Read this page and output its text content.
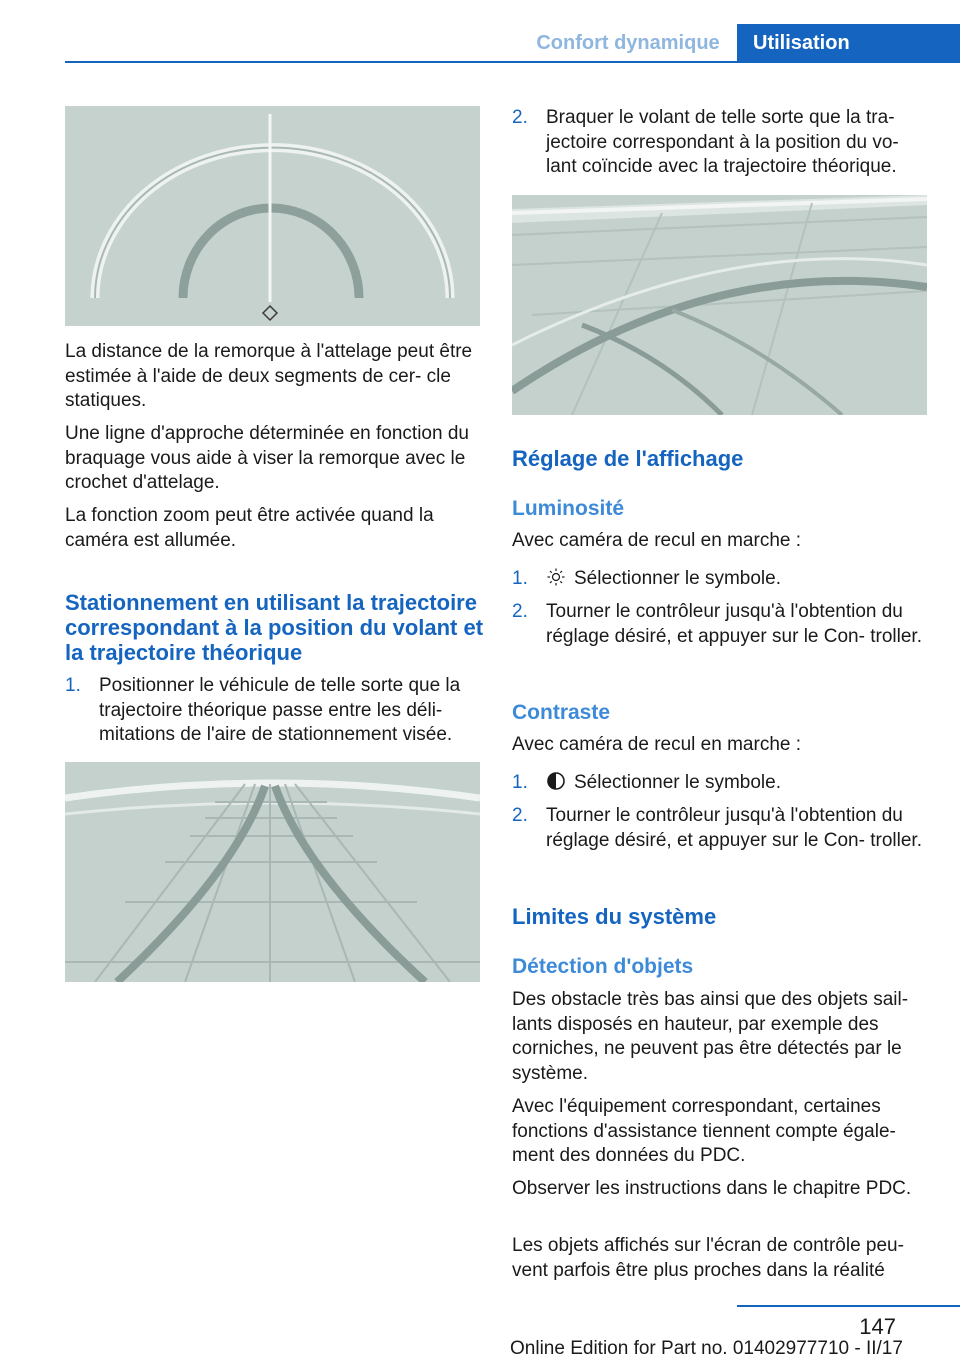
Confort dynamique	Utilisation

La distance de la remorque à l'attelage peut être estimée à l'aide de deux segments de cer- cle statiques.

Une ligne d'approche déterminée en fonction du braquage vous aide à viser la remorque avec le crochet d'attelage.

La fonction zoom peut être activée quand la caméra est allumée.

Stationnement en utilisant la trajectoire correspondant à la position du volant et la trajectoire théorique
1. Positionner le véhicule de telle sorte que la trajectoire théorique passe entre les déli- mitations de l'aire de stationnement visée.
2. Braquer le volant de telle sorte que la tra- jectoire correspondant à la position du vo- lant coïncide avec la trajectoire théorique.
Réglage de l'affichage
Luminosité

Avec caméra de recul en marche :

1.	Sélectionner le symbole.
2. Tourner le contrôleur jusqu'à l'obtention du réglage désiré, et appuyer sur le Con- troller.
Contraste

Avec caméra de recul en marche :

1.	Sélectionner le symbole.
2. Tourner le contrôleur jusqu'à l'obtention du réglage désiré, et appuyer sur le Con- troller.
Limites du système
Détection d'objets

Des obstacle très bas ainsi que des objets sail- lants disposés en hauteur, par exemple des corniches, ne peuvent pas être détectés par le système.

Avec l'équipement correspondant, certaines fonctions d'assistance tiennent compte égale- ment des données du PDC.

Observer les instructions dans le chapitre PDC.

Les objets affichés sur l'écran de contrôle peu- vent parfois être plus proches dans la réalité

147
Online Edition for Part no. 01402977710 - II/17
